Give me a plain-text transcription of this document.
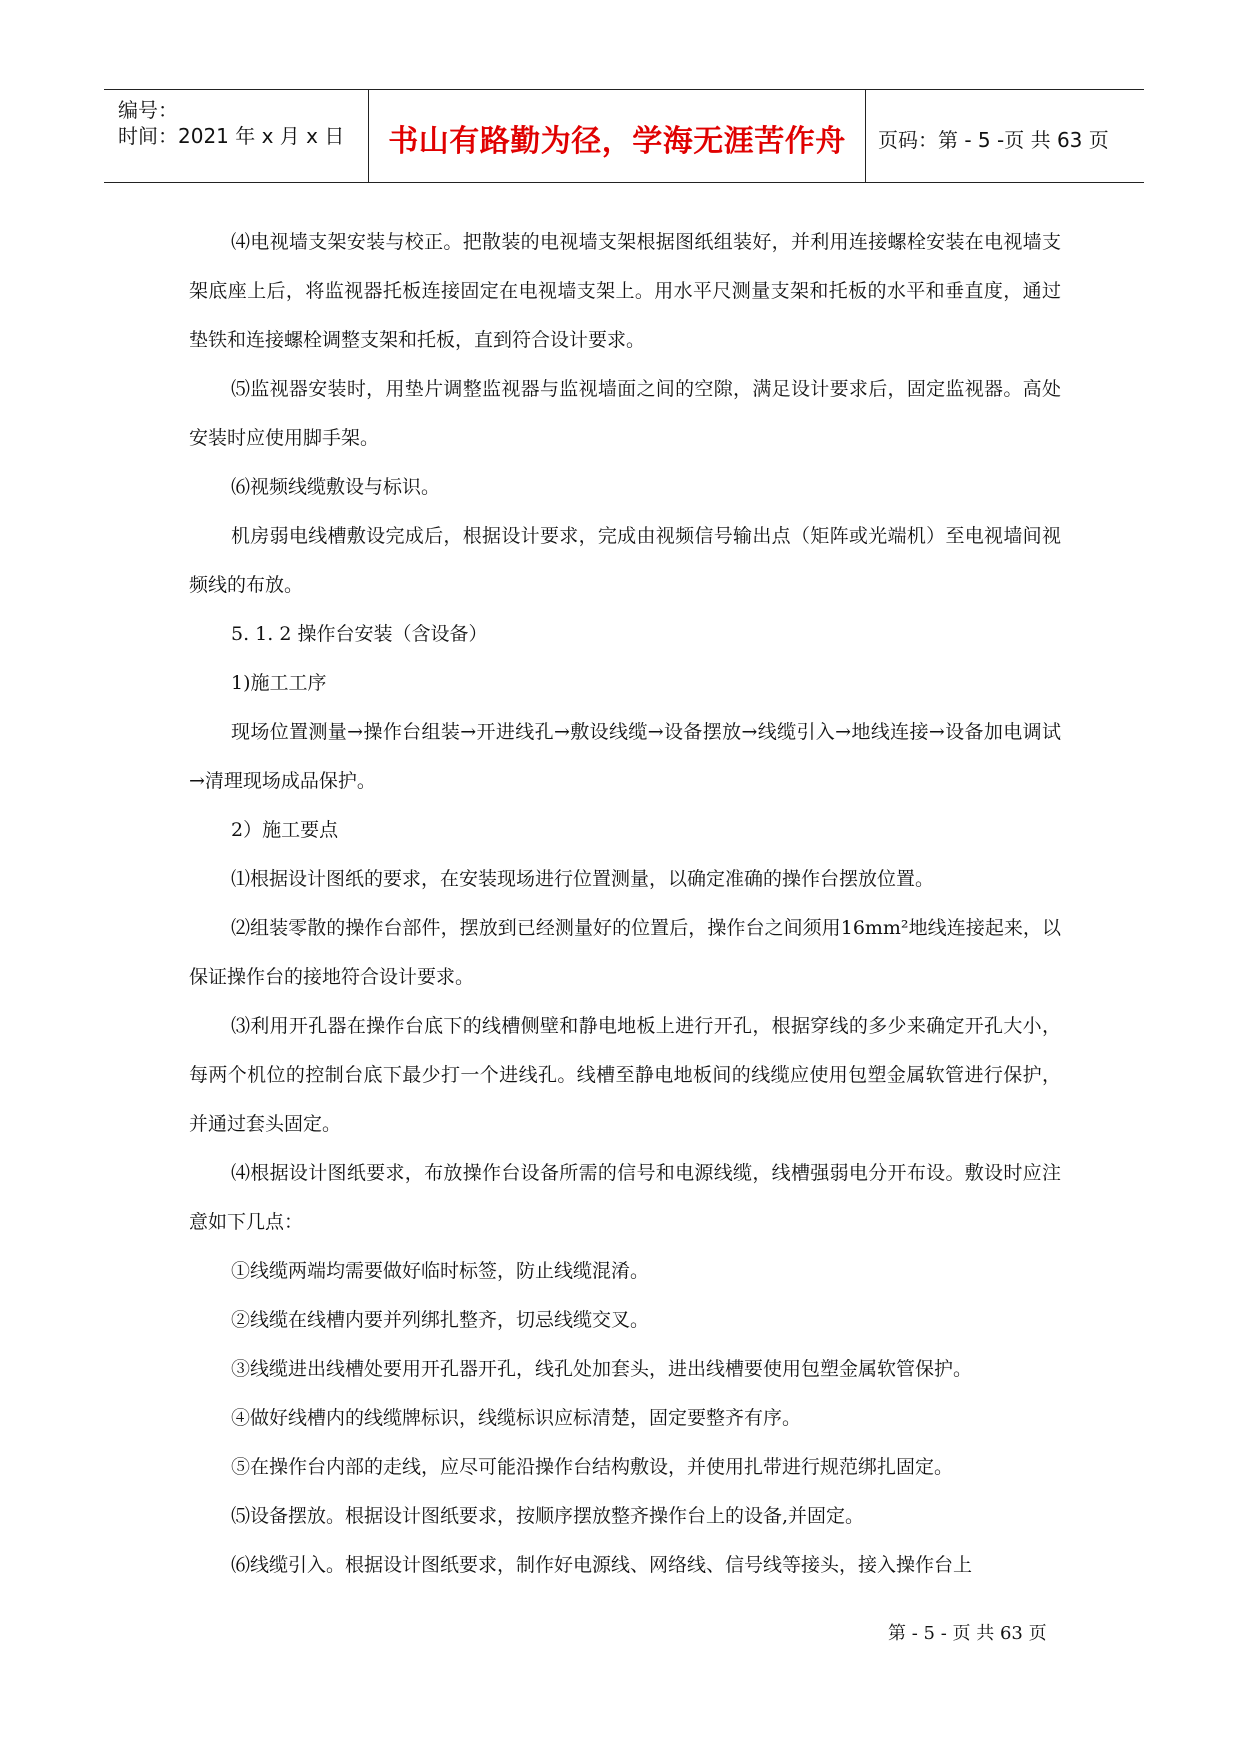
编号：
时间：2021 年 x 月 x 日	书山有路勤为径，学海无涯苦作舟	页码：第 - 5 -页 共 63 页

⑷电视墙支架安装与校正。把散装的电视墙支架根据图纸组装好，并利用连接螺栓安装在电视墙支架底座上后，将监视器托板连接固定在电视墙支架上。用水平尺测量支架和托板的水平和垂直度，通过垫铁和连接螺栓调整支架和托板，直到符合设计要求。

⑸监视器安装时，用垫片调整监视器与监视墙面之间的空隙，满足设计要求后，固定监视器。高处安装时应使用脚手架。

⑹视频线缆敷设与标识。

机房弱电线槽敷设完成后，根据设计要求，完成由视频信号输出点（矩阵或光端机）至电视墙间视频线的布放。

5. 1. 2 操作台安装（含设备）

1)施工工序

现场位置测量→操作台组装→开进线孔→敷设线缆→设备摆放→线缆引入→地线连接→设备加电调试→清理现场成品保护。

2）施工要点

⑴根据设计图纸的要求，在安装现场进行位置测量，以确定准确的操作台摆放位置。

⑵组装零散的操作台部件，摆放到已经测量好的位置后，操作台之间须用16mm²地线连接起来，以保证操作台的接地符合设计要求。

⑶利用开孔器在操作台底下的线槽侧壁和静电地板上进行开孔，根据穿线的多少来确定开孔大小，每两个机位的控制台底下最少打一个进线孔。线槽至静电地板间的线缆应使用包塑金属软管进行保护，并通过套头固定。

⑷根据设计图纸要求，布放操作台设备所需的信号和电源线缆，线槽强弱电分开布设。敷设时应注意如下几点：

①线缆两端均需要做好临时标签，防止线缆混淆。

②线缆在线槽内要并列绑扎整齐，切忌线缆交叉。

③线缆进出线槽处要用开孔器开孔，线孔处加套头，进出线槽要使用包塑金属软管保护。

④做好线槽内的线缆牌标识，线缆标识应标清楚，固定要整齐有序。

⑤在操作台内部的走线，应尽可能沿操作台结构敷设，并使用扎带进行规范绑扎固定。

⑸设备摆放。根据设计图纸要求，按顺序摆放整齐操作台上的设备,并固定。

⑹线缆引入。根据设计图纸要求，制作好电源线、网络线、信号线等接头，接入操作台上

第 - 5 - 页 共 63 页
